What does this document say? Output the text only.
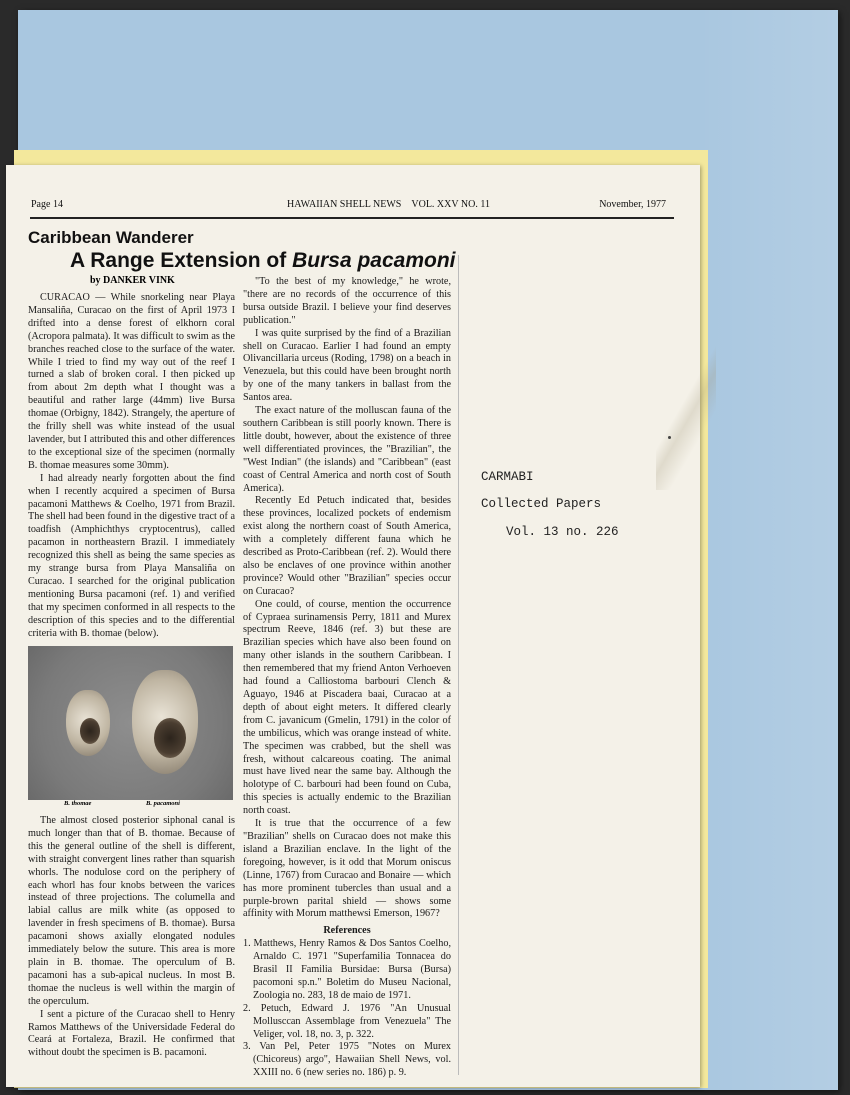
Page 14	HAWAIIAN SHELL NEWS VOL. XXV NO. 11	November, 1977
Caribbean Wanderer
A Range Extension of Bursa pacamoni
by DANKER VINK

CURACAO — While snorkeling near Playa Mansaliña, Curacao on the first of April 1973 I drifted into a dense forest of elkhorn coral (Acropora palmata). It was difficult to swim as the branches reached close to the surface of the water. While I tried to find my way out of the reef I turned a slab of broken coral. I then picked up from about 2m depth what I thought was a beautiful and rather large (44mm) live Bursa thomae (Orbigny, 1842). Strangely, the aperture of the frilly shell was white instead of the usual lavender, but I attributed this and other differences to the exceptional size of the specimen (normally B. thomae measures some 30mm).

I had already nearly forgotten about the find when I recently acquired a specimen of Bursa pacamoni Matthews & Coelho, 1971 from Brazil. The shell had been found in the digestive tract of a toadfish (Amphichthys cryptocentrus), called pacamon in northeastern Brazil. I immediately recognized this shell as being the same species as my strange bursa from Playa Mansaliña on Curacao. I searched for the original publication mentioning Bursa pacamoni (ref. 1) and verified that my specimen conformed in all respects to the description of this species and to the differential criteria with B. thomae (below).

B. thomae	B. pacamoni

The almost closed posterior siphonal canal is much longer than that of B. thomae. Because of this the general outline of the shell is different, with straight convergent lines rather than squarish whorls. The nodulose cord on the periphery of each whorl has four knobs between the varices instead of three projections. The columella and labial callus are milk white (as opposed to lavender in fresh specimens of B. thomae). Bursa pacamoni shows axially elongated nodules immediately below the suture. This area is more plain in B. thomae. The operculum of B. pacamoni has a sub-apical nucleus. In most B. thomae the nucleus is well within the margin of the operculum.

I sent a picture of the Curacao shell to Henry Ramos Matthews of the Universidade Federal do Ceará at Fortaleza, Brazil. He confirmed that without doubt the specimen is B. pacamoni.

"To the best of my knowledge," he wrote, "there are no records of the occurrence of this bursa outside Brazil. I believe your find deserves publication."

I was quite surprised by the find of a Brazilian shell on Curacao. Earlier I had found an empty Olivancillaria urceus (Roding, 1798) on a beach in Venezuela, but this could have been brought north by one of the many tankers in ballast from the Santos area.

The exact nature of the molluscan fauna of the southern Caribbean is still poorly known. There is little doubt, however, about the existence of three well differentiated provinces, the "Brazilian", the "West Indian" (the islands) and "Caribbean" (east coast of Central America and north cost of South America).

Recently Ed Petuch indicated that, besides these provinces, localized pockets of endemism exist along the northern coast of South America, with a completely different fauna which he described as Proto-Caribbean (ref. 2). Would there also be enclaves of one province within another province? Would other "Brazilian" species occur on Curacao?

One could, of course, mention the occurrence of Cypraea surinamensis Perry, 1811 and Murex spectrum Reeve, 1846 (ref. 3) but these are Brazilian species which have also been found on many other islands in the southern Caribbean. I then remembered that my friend Anton Verhoeven had found a Calliostoma barbouri Clench & Aguayo, 1946 at Piscadera baai, Curacao at a depth of about eight meters. It differed clearly from C. javanicum (Gmelin, 1791) in the color of the umbilicus, which was orange instead of white. The specimen was crabbed, but the shell was fresh, without calcareous coating. The animal must have lived near the same bay. Although the holotype of C. barbouri had been found on Cuba, this species is actually endemic to the Brazilian north coast.

It is true that the occurrence of a few "Brazilian" shells on Curacao does not make this island a Brazilian enclave. In the light of the foregoing, however, is it odd that Morum oniscus (Linne, 1767) from Curacao and Bonaire — which has more prominent tubercles than usual and a purple-brown parital shield — shows some affinity with Morum matthewsi Emerson, 1967?

References

1. Matthews, Henry Ramos & Dos Santos Coelho, Arnaldo C. 1971 "Superfamilia Tonnacea do Brasil II Familia Bursidae: Bursa (Bursa) pacomoni sp.n." Boletim do Museu Nacional, Zoologia no. 283, 18 de maio de 1971.

2. Petuch, Edward J. 1976 "An Unusual Mollusccan Assemblage from Venezuela" The Veliger, vol. 18, no. 3, p. 322.

3. Van Pel, Peter 1975 "Notes on Murex (Chicoreus) argo", Hawaiian Shell News, vol. XXIII no. 6 (new series no. 186) p. 9.

CARMABI
Collected Papers
Vol. 13 no. 226
